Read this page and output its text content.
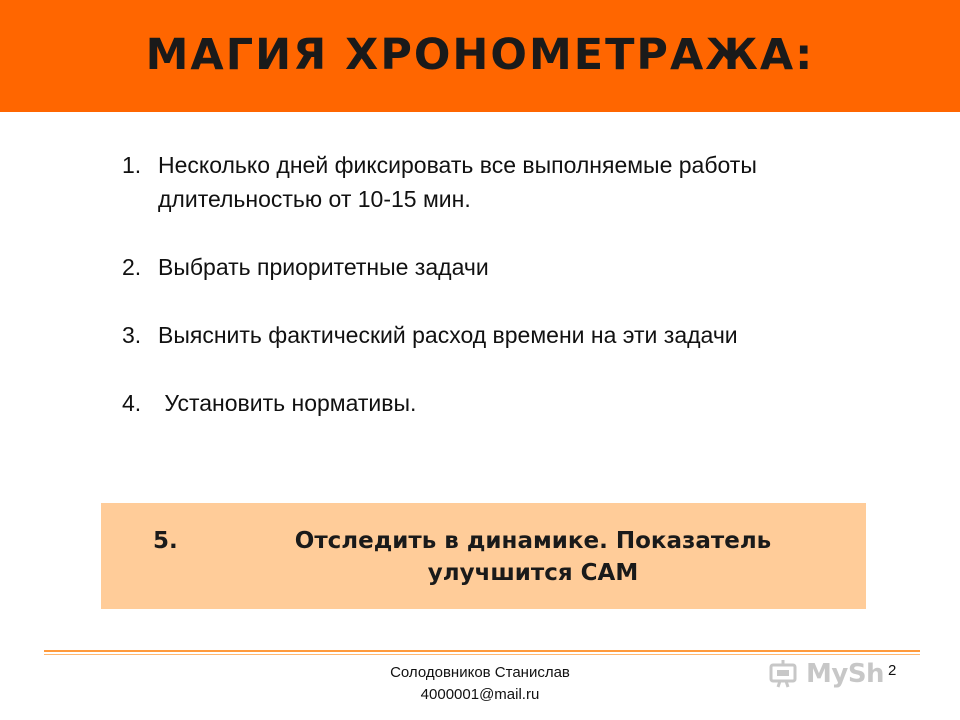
МАГИЯ ХРОНОМЕТРАЖА:
1. Несколько дней фиксировать все выполняемые работы длительностью от 10-15 мин.
2. Выбрать приоритетные задачи
3. Выяснить фактический расход времени на эти задачи
4. Установить нормативы.
5.	Отследить в динамике. Показатель улучшится САМ
Солодовников Станислав
4000001@mail.ru
MySh 2
